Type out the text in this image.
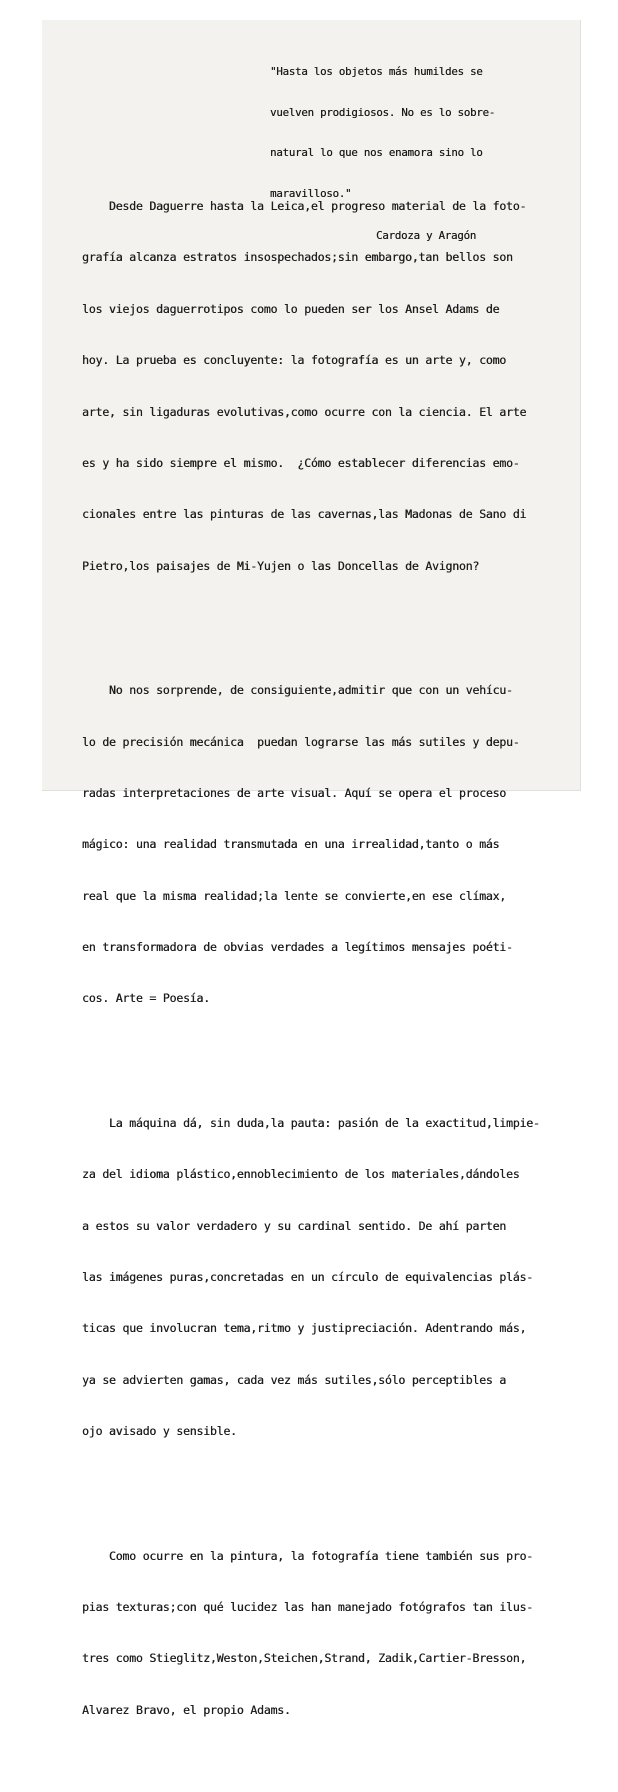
"Hasta los objetos más humildes se

vuelven prodigiosos. No es lo sobre-

natural lo que nos enamora sino lo

maravilloso."

Cardoza y Aragón

Desde Daguerre hasta la Leica,el progreso material de la foto-

grafía alcanza estratos insospechados;sin embargo,tan bellos son

los viejos daguerrotipos como lo pueden ser los Ansel Adams de

hoy. La prueba es concluyente: la fotografía es un arte y, como

arte, sin ligaduras evolutivas,como ocurre con la ciencia. El arte

es y ha sido siempre el mismo.  ¿Cómo establecer diferencias emo-

cionales entre las pinturas de las cavernas,las Madonas de Sano di

Pietro,los paisajes de Mi-Yujen o las Doncellas de Avignon?

No nos sorprende, de consiguiente,admitir que con un vehícu-

lo de precisión mecánica  puedan lograrse las más sutiles y depu-

radas interpretaciones de arte visual. Aquí se opera el proceso

mágico: una realidad transmutada en una irrealidad,tanto o más

real que la misma realidad;la lente se convierte,en ese clímax,

en transformadora de obvias verdades a legítimos mensajes poéti-

cos. Arte = Poesía.

La máquina dá, sin duda,la pauta: pasión de la exactitud,limpie-

za del idioma plástico,ennoblecimiento de los materiales,dándoles

a estos su valor verdadero y su cardinal sentido. De ahí parten

las imágenes puras,concretadas en un círculo de equivalencias plás-

ticas que involucran tema,ritmo y justipreciación. Adentrando más,

ya se advierten gamas, cada vez más sutiles,sólo perceptibles a

ojo avisado y sensible.

Como ocurre en la pintura, la fotografía tiene también sus pro-

pias texturas;con qué lucidez las han manejado fotógrafos tan ilus-

tres como Stieglitz,Weston,Steichen,Strand, Zadik,Cartier-Bresson,

Alvarez Bravo, el propio Adams.
